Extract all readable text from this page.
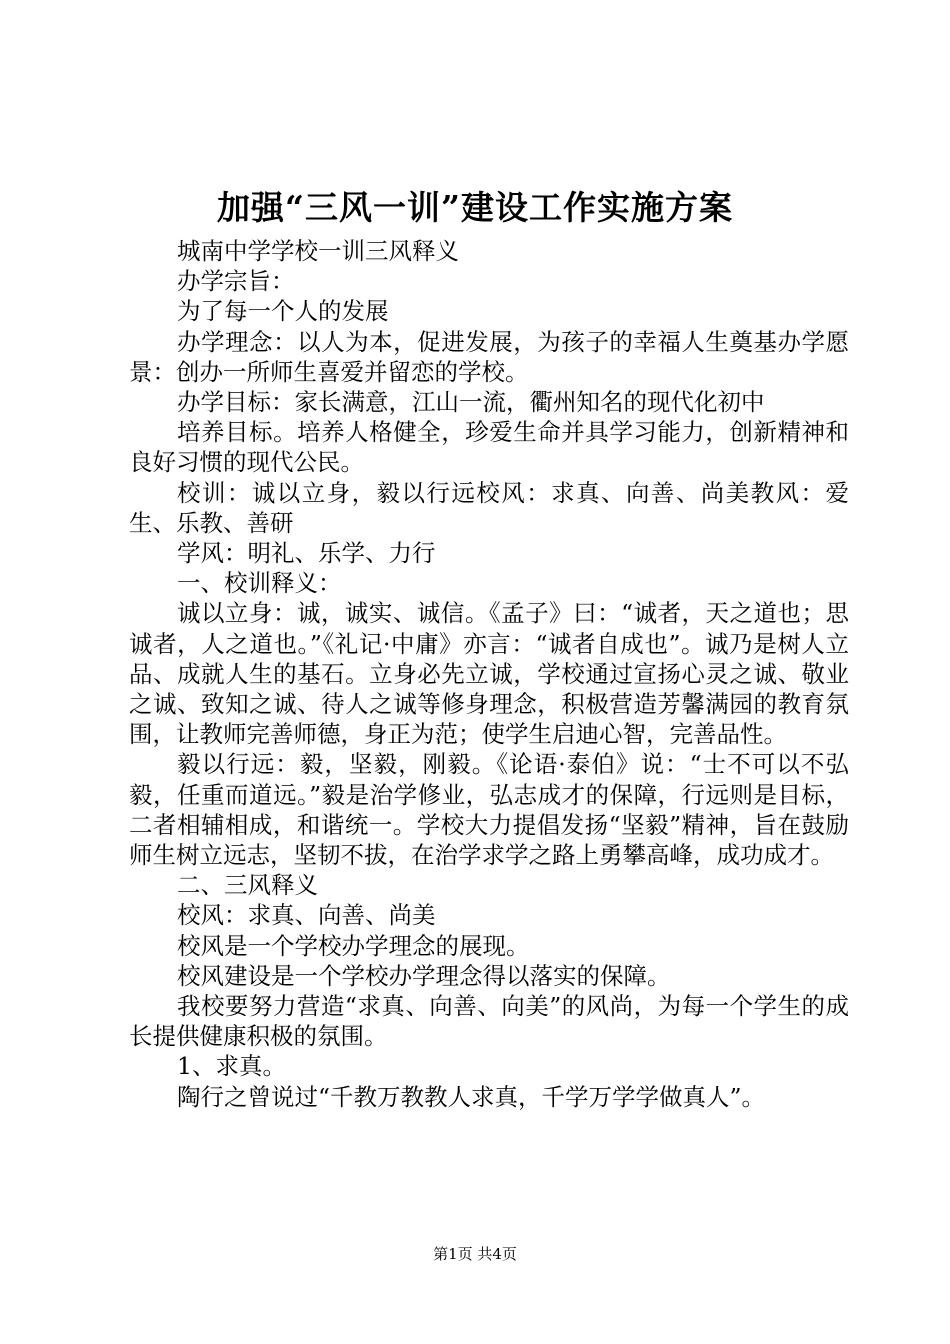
加强“三风一训”建设工作实施方案

城南中学学校一训三风释义

办学宗旨：

为了每一个人的发展

办学理念：以人为本，促进发展，为孩子的幸福人生奠基办学愿景：创办一所师生喜爱并留恋的学校。

办学目标：家长满意，江山一流，衢州知名的现代化初中

培养目标。培养人格健全，珍爱生命并具学习能力，创新精神和良好习惯的现代公民。

校训：诚以立身，毅以行远校风：求真、向善、尚美教风：爱生、乐教、善研

学风：明礼、乐学、力行

一、校训释义：

诚以立身：诚，诚实、诚信。《孟子》曰：“诚者，天之道也；思诚者，人之道也。”《礼记·中庸》亦言：“诚者自成也”。诚乃是树人立品、成就人生的基石。立身必先立诚，学校通过宣扬心灵之诚、敬业之诚、致知之诚、待人之诚等修身理念，积极营造芳馨满园的教育氛围，让教师完善师德，身正为范；使学生启迪心智，完善品性。

毅以行远：毅，坚毅，刚毅。《论语·泰伯》说：“士不可以不弘毅，任重而道远。”毅是治学修业，弘志成才的保障，行远则是目标，二者相辅相成，和谐统一。学校大力提倡发扬“坚毅”精神，旨在鼓励师生树立远志，坚韧不拔，在治学求学之路上勇攀高峰，成功成才。

二、三风释义

校风：求真、向善、尚美

校风是一个学校办学理念的展现。

校风建设是一个学校办学理念得以落实的保障。

我校要努力营造“求真、向善、向美”的风尚，为每一个学生的成长提供健康积极的氛围。

1、求真。

陶行之曾说过“千教万教教人求真，千学万学学做真人”。

第1页 共4页
